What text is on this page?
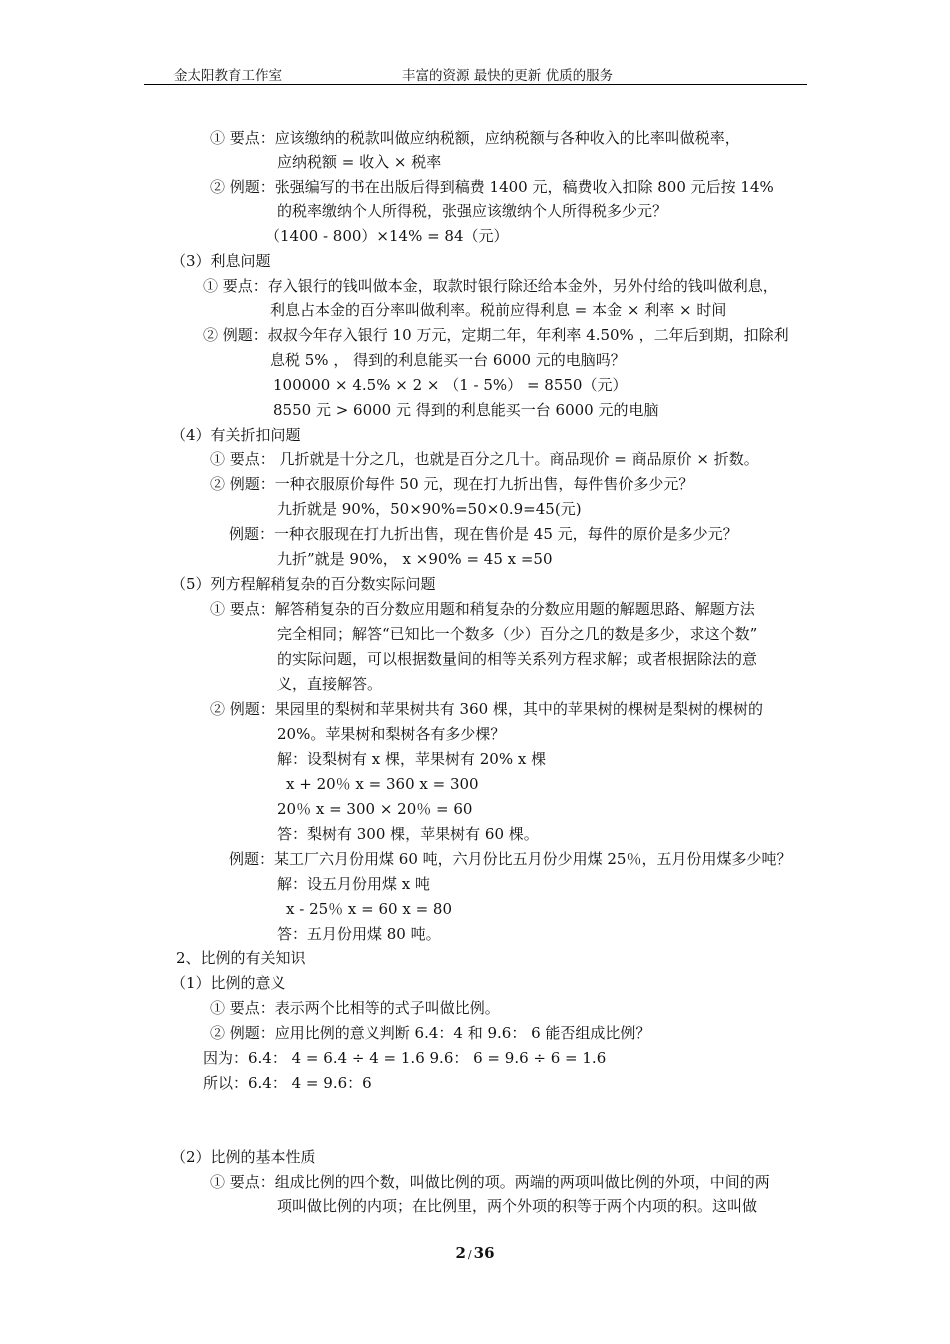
金太阳教育工作室	丰富的资源 最快的更新 优质的服务
① 要点：应该缴纳的税款叫做应纳税额，应纳税额与各种收入的比率叫做税率，
应纳税额 = 收入 × 税率
② 例题：张强编写的书在出版后得到稿费 1400 元，稿费收入扣除 800 元后按 14%
的税率缴纳个人所得税，张强应该缴纳个人所得税多少元？
（1400 - 800）×14% = 84（元）
（3）利息问题
① 要点：存入银行的钱叫做本金，取款时银行除还给本金外，另外付给的钱叫做利息，
利息占本金的百分率叫做利率。税前应得利息 = 本金 × 利率 × 时间
② 例题：叔叔今年存入银行 10 万元，定期二年，年利率 4.50% ，二年后到期，扣除利
息税 5% ， 得到的利息能买一台 6000 元的电脑吗？
100000 × 4.5% × 2 × （1 - 5%） = 8550（元）
8550 元 > 6000 元 得到的利息能买一台 6000 元的电脑
（4）有关折扣问题
① 要点： 几折就是十分之几，也就是百分之几十。商品现价 = 商品原价 × 折数。
② 例题：一种衣服原价每件 50 元，现在打九折出售，每件售价多少元？
九折就是 90%，50×90%=50×0.9=45(元)
例题：一种衣服现在打九折出售，现在售价是 45 元，每件的原价是多少元？
九折”就是 90%， x ×90% = 45 x =50
（5）列方程解稍复杂的百分数实际问题
① 要点：解答稍复杂的百分数应用题和稍复杂的分数应用题的解题思路、解题方法
完全相同；解答“已知比一个数多（少）百分之几的数是多少，求这个数”
的实际问题，可以根据数量间的相等关系列方程求解；或者根据除法的意
义，直接解答。
② 例题：果园里的梨树和苹果树共有 360 棵，其中的苹果树的棵树是梨树的棵树的
20%。苹果树和梨树各有多少棵？
解：设梨树有 x 棵，苹果树有 20% x 棵
x + 20％ x = 360 x = 300
20％ x = 300 × 20％ = 60
答：梨树有 300 棵，苹果树有 60 棵。
例题：某工厂六月份用煤 60 吨，六月份比五月份少用煤 25％，五月份用煤多少吨？
解：设五月份用煤 x 吨
x - 25％ x = 60 x = 80
答：五月份用煤 80 吨。
2、比例的有关知识
（1）比例的意义
① 要点：表示两个比相等的式子叫做比例。
② 例题：应用比例的意义判断 6.4：4 和 9.6： 6 能否组成比例？
因为：6.4： 4 = 6.4 ÷ 4 = 1.6 9.6： 6 = 9.6 ÷ 6 = 1.6
所以：6.4： 4 = 9.6：6
（2）比例的基本性质
① 要点：组成比例的四个数，叫做比例的项。两端的两项叫做比例的外项，中间的两
项叫做比例的内项；在比例里，两个外项的积等于两个内项的积。这叫做
2 / 36
